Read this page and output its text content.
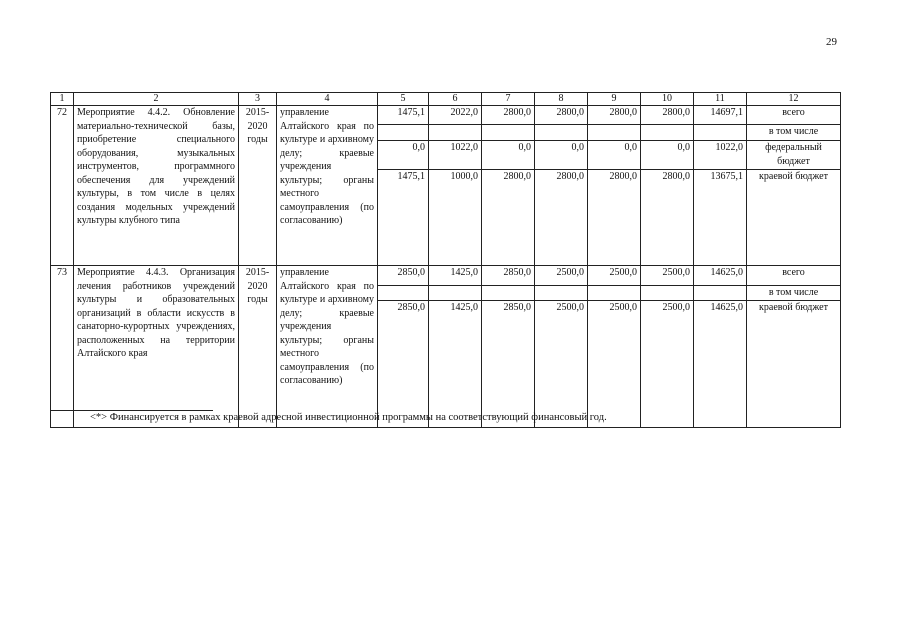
29
1	2	3	4	5	6	7	8	9	10	11	12
72	Мероприятие 4.4.2. Обновление материально-технической базы, приобретение специального оборудования, музыкальных инструментов, программного обеспечения для учреждений культуры, в том числе в целях создания модельных учреждений культуры клубного типа	2015-2020 годы	управление Алтайского края по культуре и архивному делу; краевые учреждения культуры; органы местного самоуправления (по согласованию)	1475,1	2022,0	2800,0	2800,0	2800,0	2800,0	14697,1	всего
											в том числе
				0,0	1022,0	0,0	0,0	0,0	0,0	1022,0	федеральный бюджет
				1475,1	1000,0	2800,0	2800,0	2800,0	2800,0	13675,1	краевой бюджет
73	Мероприятие 4.4.3. Организация лечения работников учреждений культуры и образовательных организаций в области искусств в санаторно-курортных учреждениях, расположенных на территории Алтайского края	2015-2020 годы	управление Алтайского края по культуре и архивному делу; краевые учреждения культуры; органы местного самоуправления (по согласованию)	2850,0	1425,0	2850,0	2500,0	2500,0	2500,0	14625,0	всего
											в том числе
				2850,0	1425,0	2850,0	2500,0	2500,0	2500,0	14625,0	краевой бюджет
<*> Финансируется в рамках краевой адресной инвестиционной программы на соответствующий финансовый год.
